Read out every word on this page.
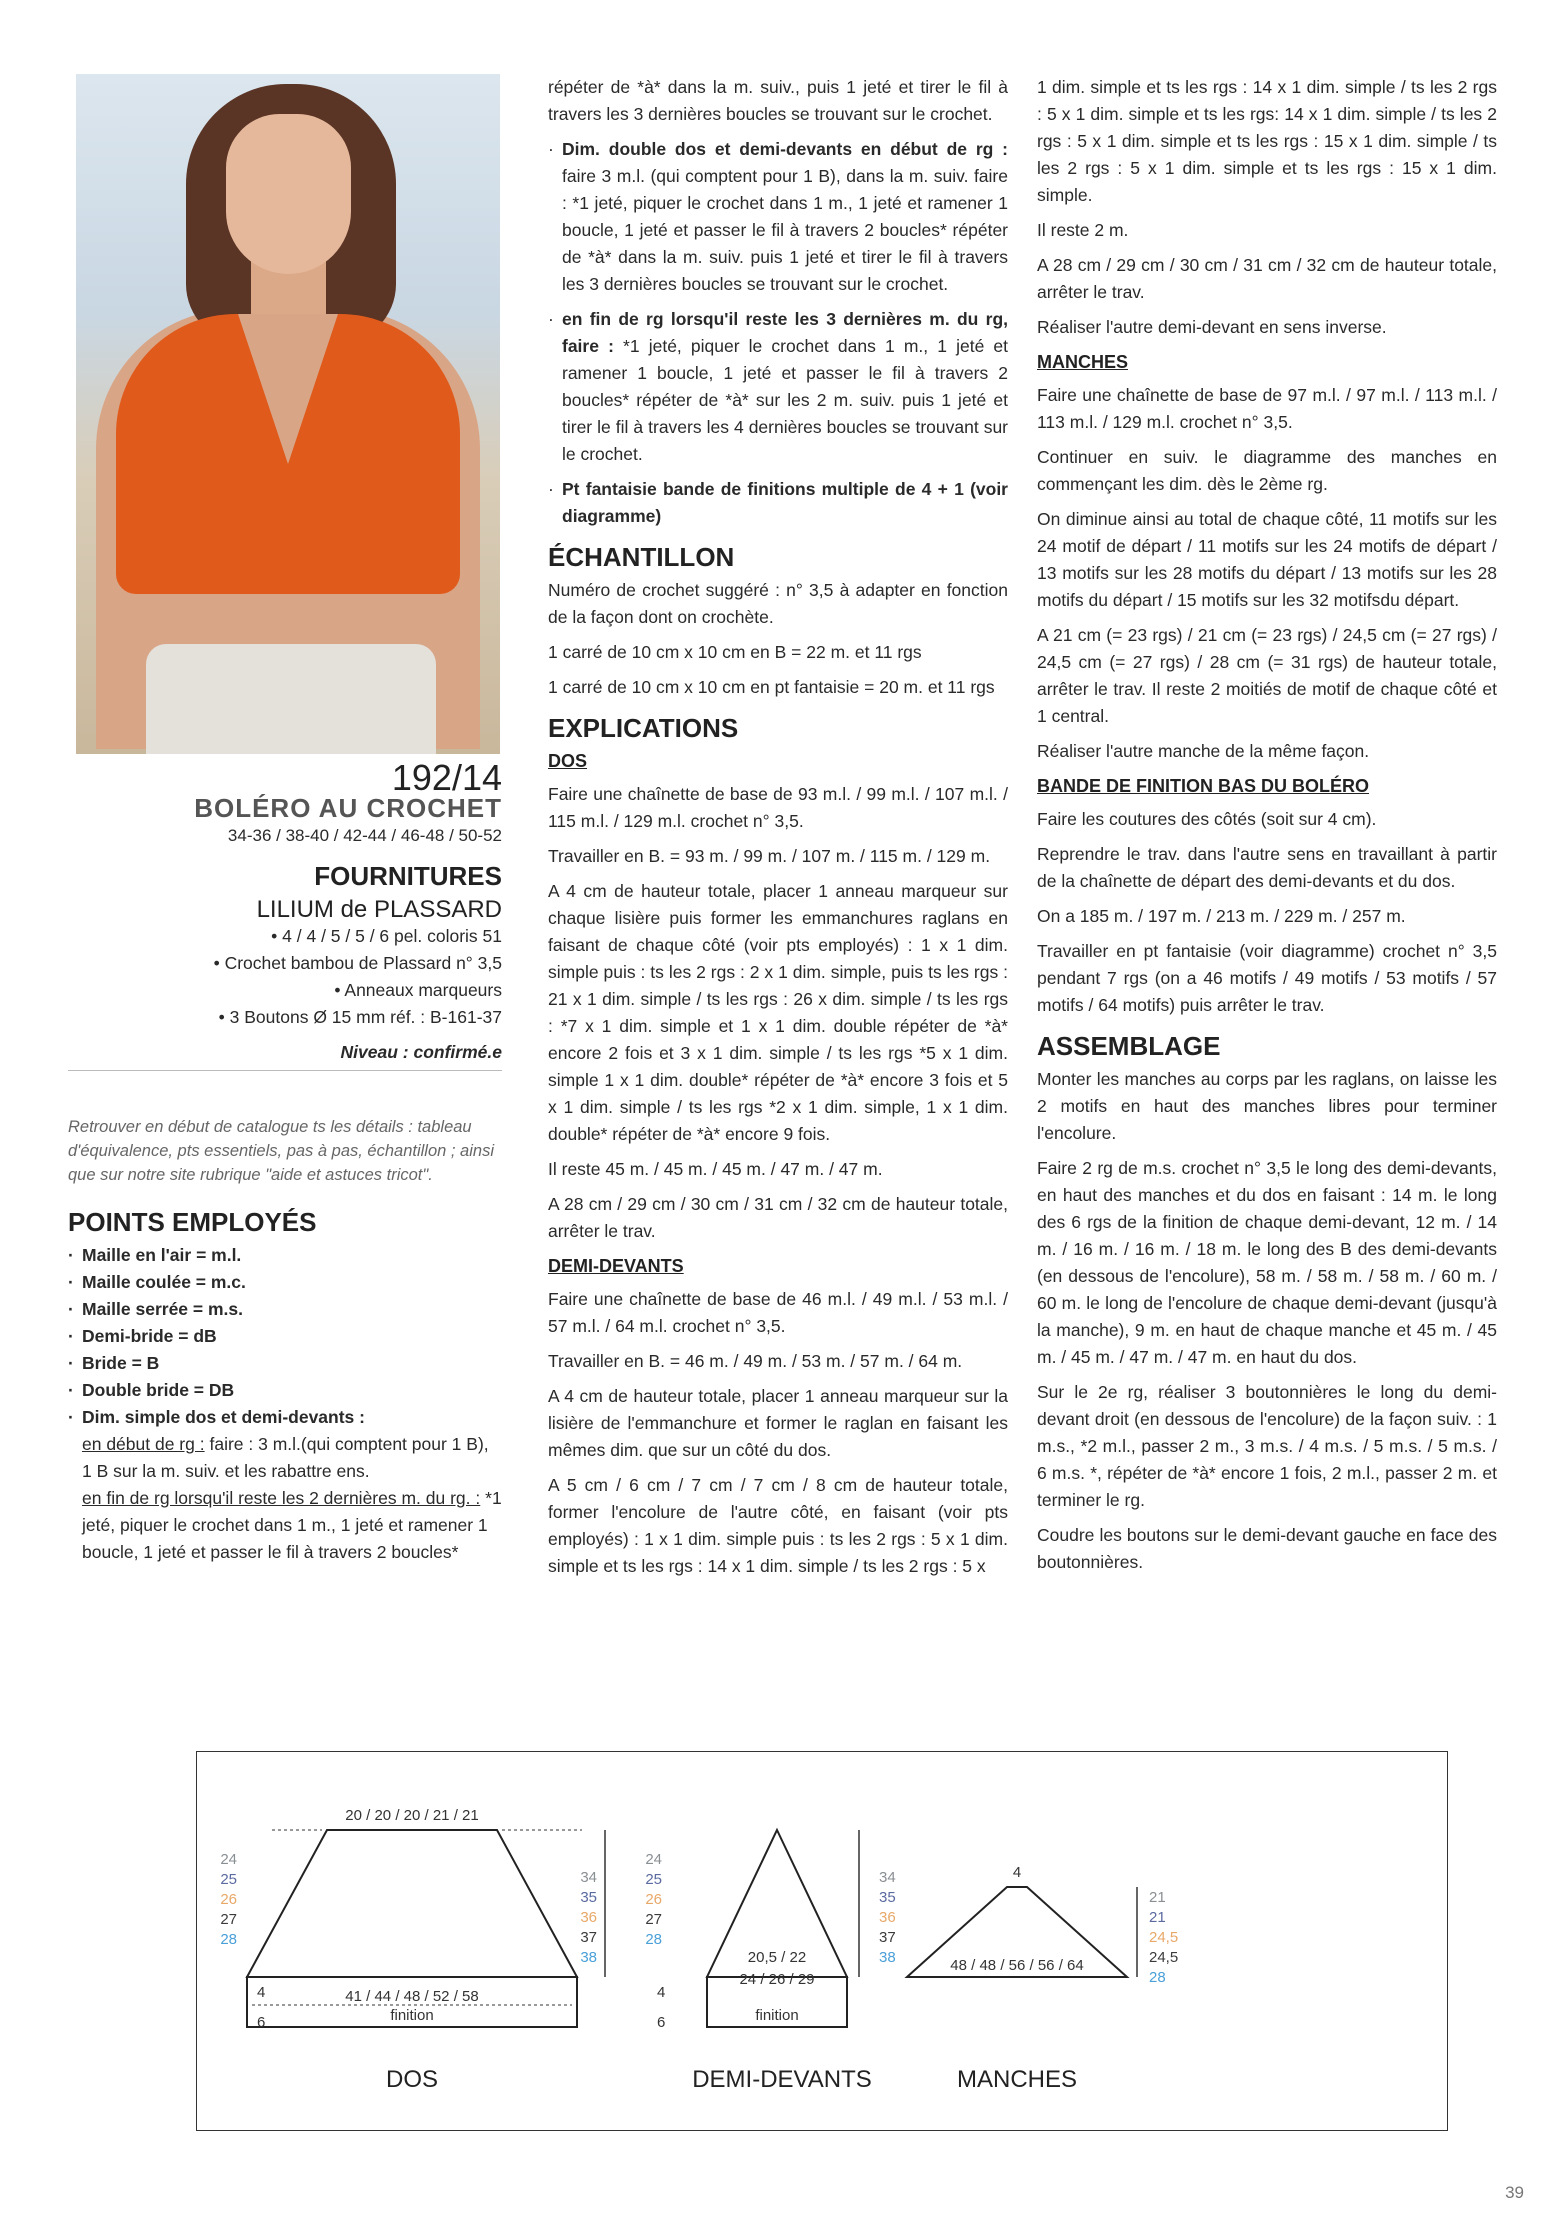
192/14
BOLÉRO AU CROCHET
34-36 / 38-40 / 42-44 / 46-48 / 50-52
FOURNITURES
LILIUM de PLASSARD
• 4 / 4 / 5 / 5 / 6 pel. coloris 51
• Crochet bambou de Plassard n° 3,5
• Anneaux marqueurs
• 3 Boutons Ø 15 mm réf. : B-161-37
Niveau : confirmé.e
Retrouver en début de catalogue ts les détails : tableau d'équivalence, pts essentiels, pas à pas, échantillon ; ainsi que sur notre site rubrique "aide et astuces tricot".
POINTS EMPLOYÉS
· Maille en l'air = m.l.
· Maille coulée = m.c.
· Maille serrée = m.s.
· Demi-bride = dB
· Bride = B
· Double bride = DB
· Dim. simple dos et demi-devants :
en début de rg : faire : 3 m.l.(qui comptent pour 1 B), 1 B sur la m. suiv. et les rabattre ens.
en fin de rg lorsqu'il reste les 2 dernières m. du rg. : *1 jeté, piquer le crochet dans 1 m., 1 jeté et ramener 1 boucle, 1 jeté et passer le fil à travers 2 boucles*

répéter de *à* dans la m. suiv., puis 1 jeté et tirer le fil à travers les 3 dernières boucles se trouvant sur le crochet.

· Dim. double dos et demi-devants en début de rg : faire 3 m.l. (qui comptent pour 1 B), dans la m. suiv. faire : *1 jeté, piquer le crochet dans 1 m., 1 jeté et ramener 1 boucle, 1 jeté et passer le fil à travers 2 boucles* répéter de *à* dans la m. suiv. puis 1 jeté et tirer le fil à travers les 3 dernières boucles se trouvant sur le crochet.

· en fin de rg lorsqu'il reste les 3 dernières m. du rg, faire : *1 jeté, piquer le crochet dans 1 m., 1 jeté et ramener 1 boucle, 1 jeté et passer le fil à travers 2 boucles* répéter de *à* sur les 2 m. suiv. puis 1 jeté et tirer le fil à travers les 4 dernières boucles se trouvant sur le crochet.

· Pt fantaisie bande de finitions multiple de 4 + 1 (voir diagramme)

ÉCHANTILLON

Numéro de crochet suggéré : n° 3,5 à adapter en fonction de la façon dont on crochète.

1 carré de 10 cm x 10 cm en B = 22 m. et 11 rgs

1 carré de 10 cm x 10 cm en pt fantaisie = 20 m. et 11 rgs

EXPLICATIONS
DOS

Faire une chaînette de base de 93 m.l. / 99 m.l. / 107 m.l. / 115 m.l. / 129 m.l. crochet n° 3,5.

Travailler en B. = 93 m. / 99 m. / 107 m. / 115 m. / 129 m.

A 4 cm de hauteur totale, placer 1 anneau marqueur sur chaque lisière puis former les emmanchures raglans en faisant de chaque côté (voir pts employés) : 1 x 1 dim. simple puis : ts les 2 rgs : 2 x 1 dim. simple, puis ts les rgs : 21 x 1 dim. simple / ts les rgs : 26 x dim. simple / ts les rgs : *7 x 1 dim. simple et 1 x 1 dim. double répéter de *à* encore 2 fois et 3 x 1 dim. simple / ts les rgs *5 x 1 dim. simple 1 x 1 dim. double* répéter de *à* encore 3 fois et 5 x 1 dim. simple / ts les rgs *2 x 1 dim. simple, 1 x 1 dim. double* répéter de *à* encore 9 fois.

Il reste 45 m. / 45 m. / 45 m. / 47 m. / 47 m.

A 28 cm / 29 cm / 30 cm / 31 cm / 32 cm de hauteur totale, arrêter le trav.

DEMI-DEVANTS

Faire une chaînette de base de 46 m.l. / 49 m.l. / 53 m.l. / 57 m.l. / 64 m.l. crochet n° 3,5.

Travailler en B. = 46 m. / 49 m. / 53 m. / 57 m. / 64 m.

A 4 cm de hauteur totale, placer 1 anneau marqueur sur la lisière de l'emmanchure et former le raglan en faisant les mêmes dim. que sur un côté du dos.

A 5 cm / 6 cm / 7 cm / 7 cm / 8 cm de hauteur totale, former l'encolure de l'autre côté, en faisant (voir pts employés) : 1 x 1 dim. simple puis : ts les 2 rgs : 5 x 1 dim. simple et ts les rgs : 14 x 1 dim. simple / ts les 2 rgs : 5 x

1 dim. simple et ts les rgs : 14 x 1 dim. simple / ts les 2 rgs : 5 x 1 dim. simple et ts les rgs: 14 x 1 dim. simple / ts les 2 rgs : 5 x 1 dim. simple et ts les rgs : 15 x 1 dim. simple / ts les 2 rgs : 5 x 1 dim. simple et ts les rgs : 15 x 1 dim. simple.

Il reste 2 m.

A 28 cm / 29 cm / 30 cm / 31 cm / 32 cm de hauteur totale, arrêter le trav.

Réaliser l'autre demi-devant en sens inverse.

MANCHES

Faire une chaînette de base de 97 m.l. / 97 m.l. / 113 m.l. / 113 m.l. / 129 m.l. crochet n° 3,5.

Continuer en suiv. le diagramme des manches en commençant les dim. dès le 2ème rg.

On diminue ainsi au total de chaque côté, 11 motifs sur les 24 motif de départ / 11 motifs sur les 24 motifs de départ / 13 motifs sur les 28 motifs du départ / 13 motifs sur les 28 motifs du départ / 15 motifs sur les 32 motifsdu départ.

A 21 cm (= 23 rgs) / 21 cm (= 23 rgs) / 24,5 cm (= 27 rgs) / 24,5 cm (= 27 rgs) / 28 cm (= 31 rgs) de hauteur totale, arrêter le trav. Il reste 2 moitiés de motif de chaque côté et 1 central.

Réaliser l'autre manche de la même façon.

BANDE DE FINITION BAS DU BOLÉRO

Faire les coutures des côtés (soit sur 4 cm).

Reprendre le trav. dans l'autre sens en travaillant à partir de la chaînette de départ des demi-devants et du dos.

On a 185 m. / 197 m. / 213 m. / 229 m. / 257 m.

Travailler en pt fantaisie (voir diagramme) crochet n° 3,5 pendant 7 rgs (on a 46 motifs / 49 motifs / 53 motifs / 57 motifs / 64 motifs) puis arrêter le trav.

ASSEMBLAGE

Monter les manches au corps par les raglans, on laisse les 2 motifs en haut des manches libres pour terminer l'encolure.

Faire 2 rg de m.s. crochet n° 3,5 le long des demi-devants, en haut des manches et du dos en faisant : 14 m. le long des 6 rgs de la finition de chaque demi-devant, 12 m. / 14 m. / 16 m. / 16 m. / 18 m. le long des B des demi-devants (en dessous de l'encolure), 58 m. / 58 m. / 58 m. / 60 m. / 60 m. le long de l'encolure de chaque demi-devant (jusqu'à la manche), 9 m. en haut de chaque manche et 45 m. / 45 m. / 45 m. / 47 m. / 47 m. en haut du dos.

Sur le 2e rg, réaliser 3 boutonnières le long du demi-devant droit (en dessous de l'encolure) de la façon suiv. : 1 m.s., *2 m.l., passer 2 m., 3 m.s. / 4 m.s. / 5 m.s. / 5 m.s. / 6 m.s. *, répéter de *à* encore 1 fois, 2 m.l., passer 2 m. et terminer le rg.

Coudre les boutons sur le demi-devant gauche en face des boutonnières.

20 / 20 / 20 / 21 / 21
41 / 44 / 48 / 52 / 58
finition
4
6
DOS
24
25
26
27
28
34
35
36
37
38	20,5 / 22
24 / 26 / 29
finition
4
6
DEMI-DEVANTS
24
25
26
27
28
34
35
36
37
38
4
48 / 48 / 56 / 56 / 64
MANCHES
21
21
24,5
24,5
28
39
